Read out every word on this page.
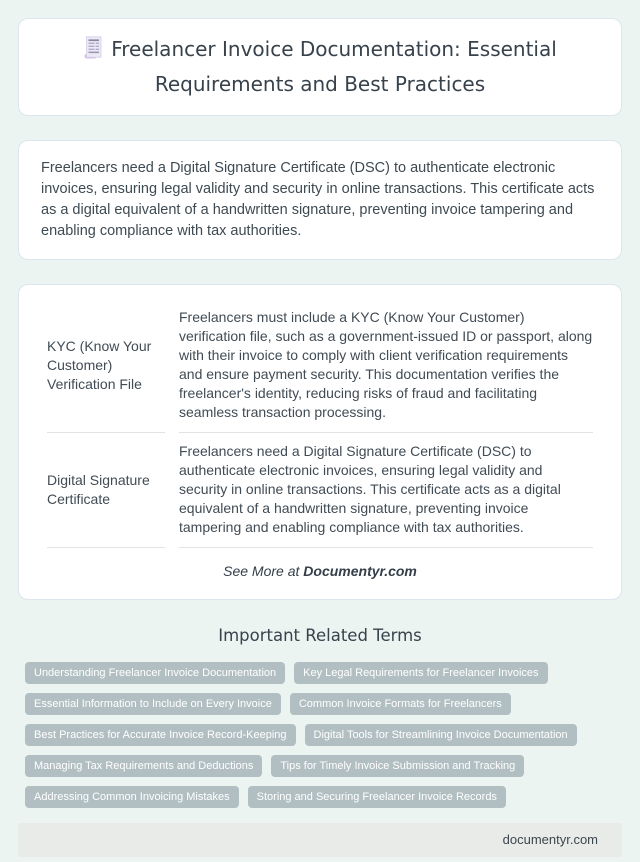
Freelancer Invoice Documentation: Essential Requirements and Best Practices

Freelancers need a Digital Signature Certificate (DSC) to authenticate electronic invoices, ensuring legal validity and security in online transactions. This certificate acts as a digital equivalent of a handwritten signature, preventing invoice tampering and enabling compliance with tax authorities.

KYC (Know Your Customer) Verification File	Freelancers must include a KYC (Know Your Customer) verification file, such as a government-issued ID or passport, along with their invoice to comply with client verification requirements and ensure payment security. This documentation verifies the freelancer's identity, reducing risks of fraud and facilitating seamless transaction processing.
Digital Signature Certificate	Freelancers need a Digital Signature Certificate (DSC) to authenticate electronic invoices, ensuring legal validity and security in online transactions. This certificate acts as a digital equivalent of a handwritten signature, preventing invoice tampering and enabling compliance with tax authorities.
See More at Documentyr.com
Important Related Terms
Understanding Freelancer Invoice Documentation	Key Legal Requirements for Freelancer Invoices
Essential Information to Include on Every Invoice	Common Invoice Formats for Freelancers
Best Practices for Accurate Invoice Record-Keeping	Digital Tools for Streamlining Invoice Documentation
Managing Tax Requirements and Deductions	Tips for Timely Invoice Submission and Tracking
Addressing Common Invoicing Mistakes	Storing and Securing Freelancer Invoice Records
documentyr.com
